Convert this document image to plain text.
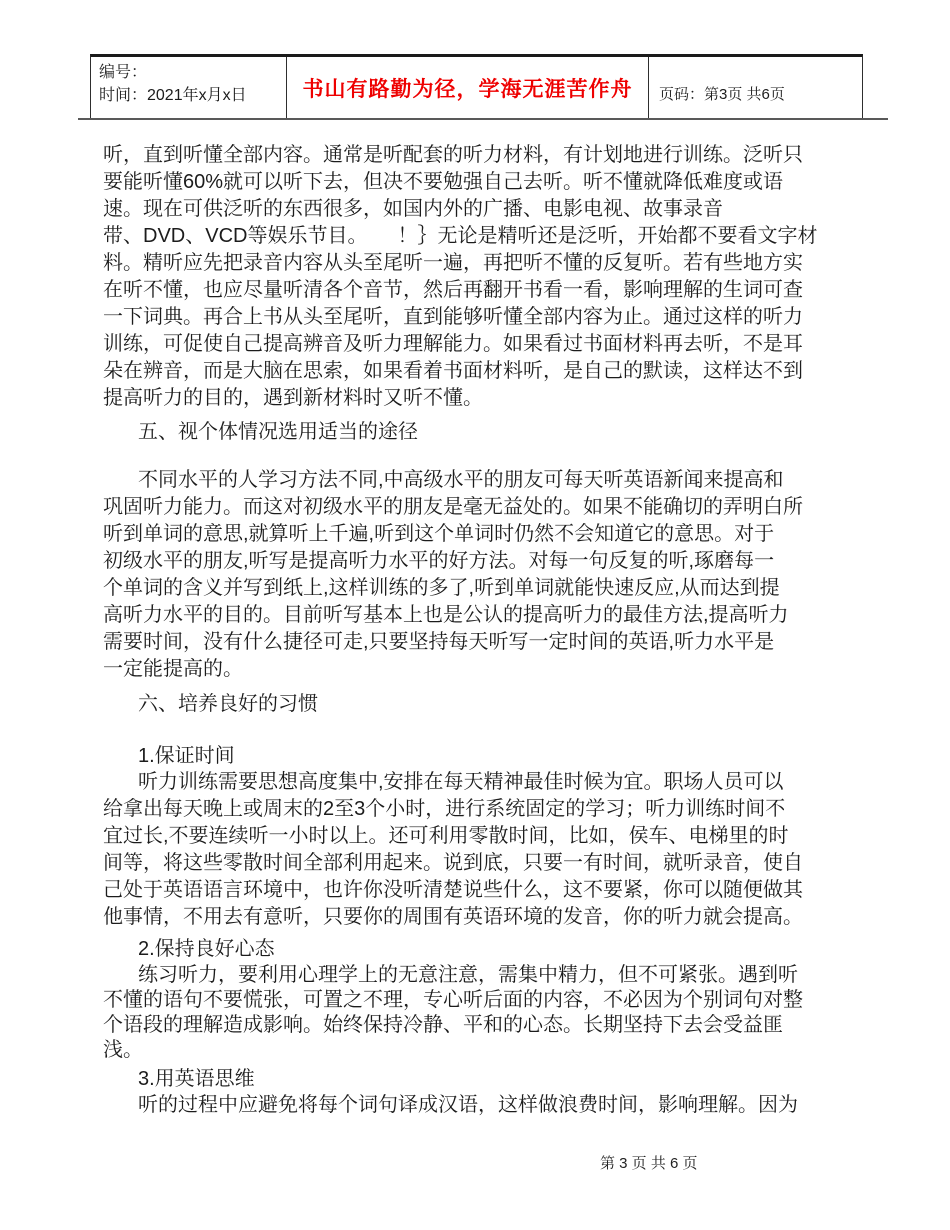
编号：
时间：2021年x月x日	书山有路勤为径，学海无涯苦作舟	页码：第3页 共6页
听，直到听懂全部内容。通常是听配套的听力材料，有计划地进行训练。泛听只
要能听懂60%就可以听下去，但决不要勉强自己去听。听不懂就降低难度或语
速。现在可供泛听的东西很多，如国内外的广播、电影电视、故事录音
带、DVD、VCD等娱乐节目。　　！｝无论是精听还是泛听，开始都不要看文字材
料。精听应先把录音内容从头至尾听一遍，再把听不懂的反复听。若有些地方实
在听不懂，也应尽量听清各个音节，然后再翻开书看一看，影响理解的生词可查
一下词典。再合上书从头至尾听，直到能够听懂全部内容为止。通过这样的听力
训练，可促使自己提高辨音及听力理解能力。如果看过书面材料再去听，不是耳
朵在辨音，而是大脑在思索，如果看着书面材料听，是自己的默读，这样达不到
提高听力的目的，遇到新材料时又听不懂。
五、视个体情况选用适当的途径
不同水平的人学习方法不同,中高级水平的朋友可每天听英语新闻来提高和
巩固听力能力。而这对初级水平的朋友是毫无益处的。如果不能确切的弄明白所
听到单词的意思,就算听上千遍,听到这个单词时仍然不会知道它的意思。对于
初级水平的朋友,听写是提高听力水平的好方法。对每一句反复的听,琢磨每一
个单词的含义并写到纸上,这样训练的多了,听到单词就能快速反应,从而达到提
高听力水平的目的。目前听写基本上也是公认的提高听力的最佳方法,提高听力
需要时间，没有什么捷径可走,只要坚持每天听写一定时间的英语,听力水平是
一定能提高的。
六、培养良好的习惯
1.保证时间
听力训练需要思想高度集中,安排在每天精神最佳时候为宜。职场人员可以
给拿出每天晚上或周末的2至3个小时，进行系统固定的学习；听力训练时间不
宜过长,不要连续听一小时以上。还可利用零散时间，比如，侯车、电梯里的时
间等，将这些零散时间全部利用起来。说到底，只要一有时间，就听录音，使自
己处于英语语言环境中，也许你没听清楚说些什么，这不要紧，你可以随便做其
他事情，不用去有意听，只要你的周围有英语环境的发音，你的听力就会提高。
2.保持良好心态
练习听力，要利用心理学上的无意注意，需集中精力，但不可紧张。遇到听
不懂的语句不要慌张，可置之不理，专心听后面的内容，不必因为个别词句对整
个语段的理解造成影响。始终保持冷静、平和的心态。长期坚持下去会受益匪
浅。
3.用英语思维
听的过程中应避免将每个词句译成汉语，这样做浪费时间，影响理解。因为
第 3 页 共 6 页
